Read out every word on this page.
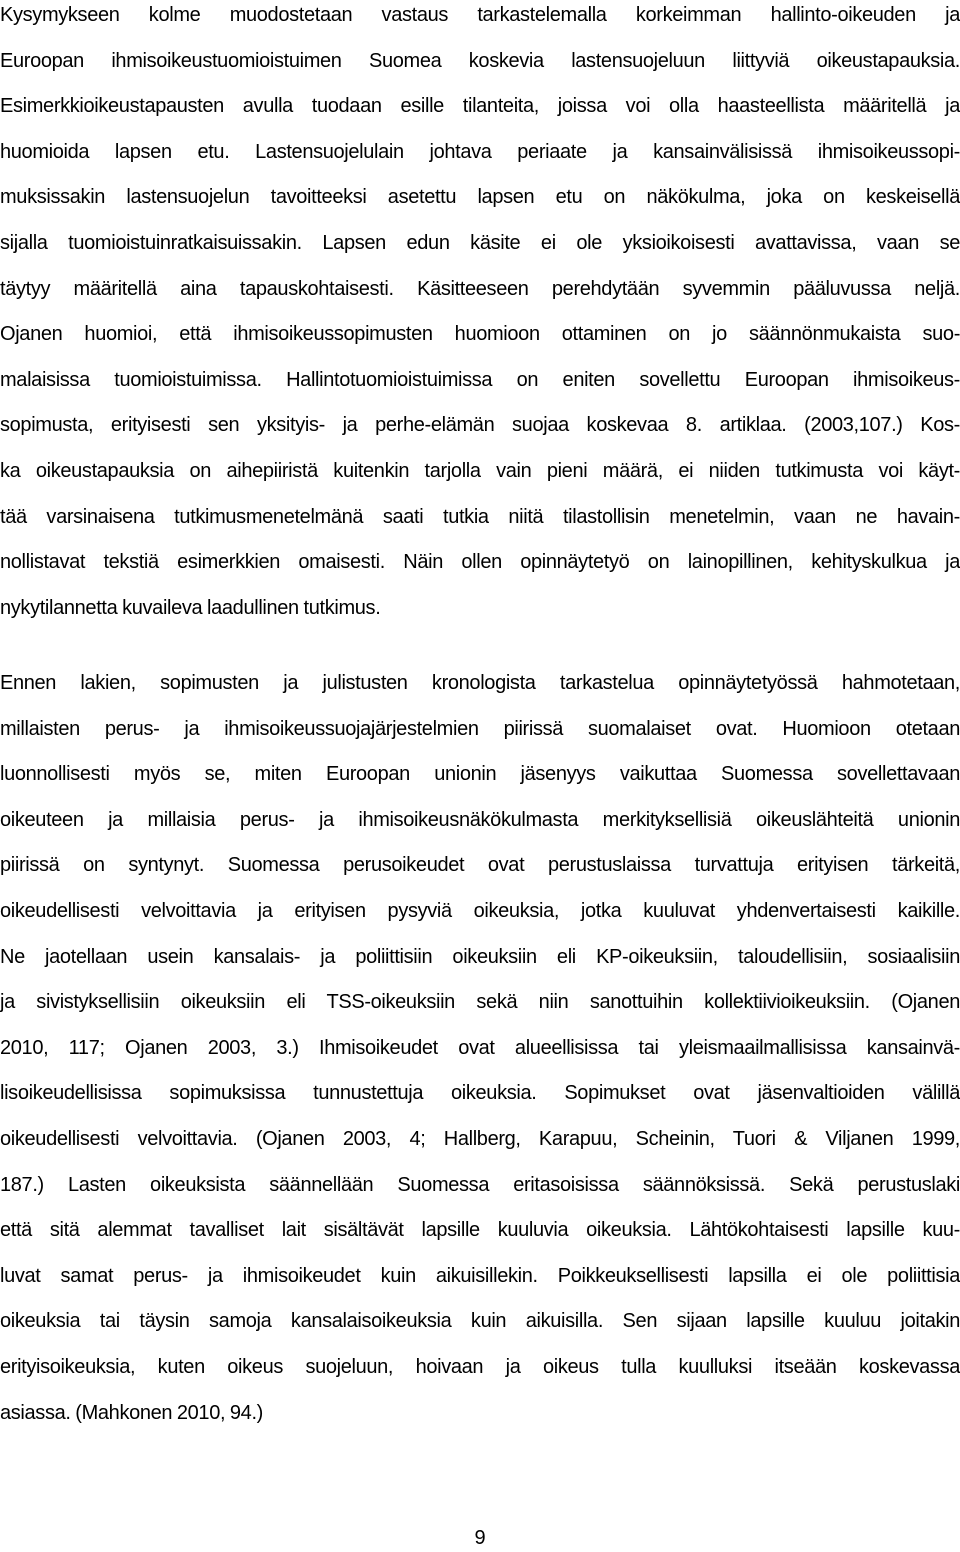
Kysymykseen kolme muodostetaan vastaus tarkastelemalla korkeimman hallinto-oikeuden ja
Euroopan ihmisoikeustuomioistuimen Suomea koskevia lastensuojeluun liittyviä oikeustapauksia.
Esimerkkioikeustapausten avulla tuodaan esille tilanteita, joissa voi olla haasteellista määritellä ja
huomioida lapsen etu. Lastensuojelulain johtava periaate ja kansainvälisissä ihmisoikeussopi-
muksissakin lastensuojelun tavoitteeksi asetettu lapsen etu on näkökulma, joka on keskeisellä
sijalla tuomioistuinratkaisuissakin. Lapsen edun käsite ei ole yksioikoisesti avattavissa, vaan se
täytyy määritellä aina tapauskohtaisesti. Käsitteeseen perehdytään syvemmin pääluvussa neljä.
Ojanen huomioi, että ihmisoikeussopimusten huomioon ottaminen on jo säännönmukaista suo-
malaisissa tuomioistuimissa. Hallintotuomioistuimissa on eniten sovellettu Euroopan ihmisoikeus-
sopimusta, erityisesti sen yksityis- ja perhe-elämän suojaa koskevaa 8. artiklaa. (2003,107.) Kos-
ka oikeustapauksia on aihepiiristä kuitenkin tarjolla vain pieni määrä, ei niiden tutkimusta voi käyt-
tää varsinaisena tutkimusmenetelmänä saati tutkia niitä tilastollisin menetelmin, vaan ne havain-
nollistavat tekstiä esimerkkien omaisesti. Näin ollen opinnäytetyö on lainopillinen, kehityskulkua ja
nykytilannetta kuvaileva laadullinen tutkimus.

Ennen lakien, sopimusten ja julistusten kronologista tarkastelua opinnäytetyössä hahmotetaan,
millaisten perus- ja ihmisoikeussuojajärjestelmien piirissä suomalaiset ovat. Huomioon otetaan
luonnollisesti myös se, miten Euroopan unionin jäsenyys vaikuttaa Suomessa sovellettavaan
oikeuteen ja millaisia perus- ja ihmisoikeusnäkökulmasta merkityksellisiä oikeuslähteitä unionin
piirissä on syntynyt. Suomessa perusoikeudet ovat perustuslaissa turvattuja erityisen tärkeitä,
oikeudellisesti velvoittavia ja erityisen pysyviä oikeuksia, jotka kuuluvat yhdenvertaisesti kaikille.
Ne jaotellaan usein kansalais- ja poliittisiin oikeuksiin eli KP-oikeuksiin, taloudellisiin, sosiaalisiin
ja sivistyksellisiin oikeuksiin eli TSS-oikeuksiin sekä niin sanottuihin kollektiivioikeuksiin. (Ojanen
2010, 117; Ojanen 2003, 3.) Ihmisoikeudet ovat alueellisissa tai yleismaailmallisissa kansainvä-
lisoikeudellisissa sopimuksissa tunnustettuja oikeuksia. Sopimukset ovat jäsenvaltioiden välillä
oikeudellisesti velvoittavia. (Ojanen 2003, 4; Hallberg, Karapuu, Scheinin, Tuori & Viljanen 1999,
187.) Lasten oikeuksista säännellään Suomessa eritasoisissa säännöksissä. Sekä perustuslaki
että sitä alemmat tavalliset lait sisältävät lapsille kuuluvia oikeuksia. Lähtökohtaisesti lapsille kuu-
luvat samat perus- ja ihmisoikeudet kuin aikuisillekin. Poikkeuksellisesti lapsilla ei ole poliittisia
oikeuksia tai täysin samoja kansalaisoikeuksia kuin aikuisilla. Sen sijaan lapsille kuuluu joitakin
erityisoikeuksia, kuten oikeus suojeluun, hoivaan ja oikeus tulla kuulluksi itseään koskevassa
asiassa. (Mahkonen 2010, 94.)

9
